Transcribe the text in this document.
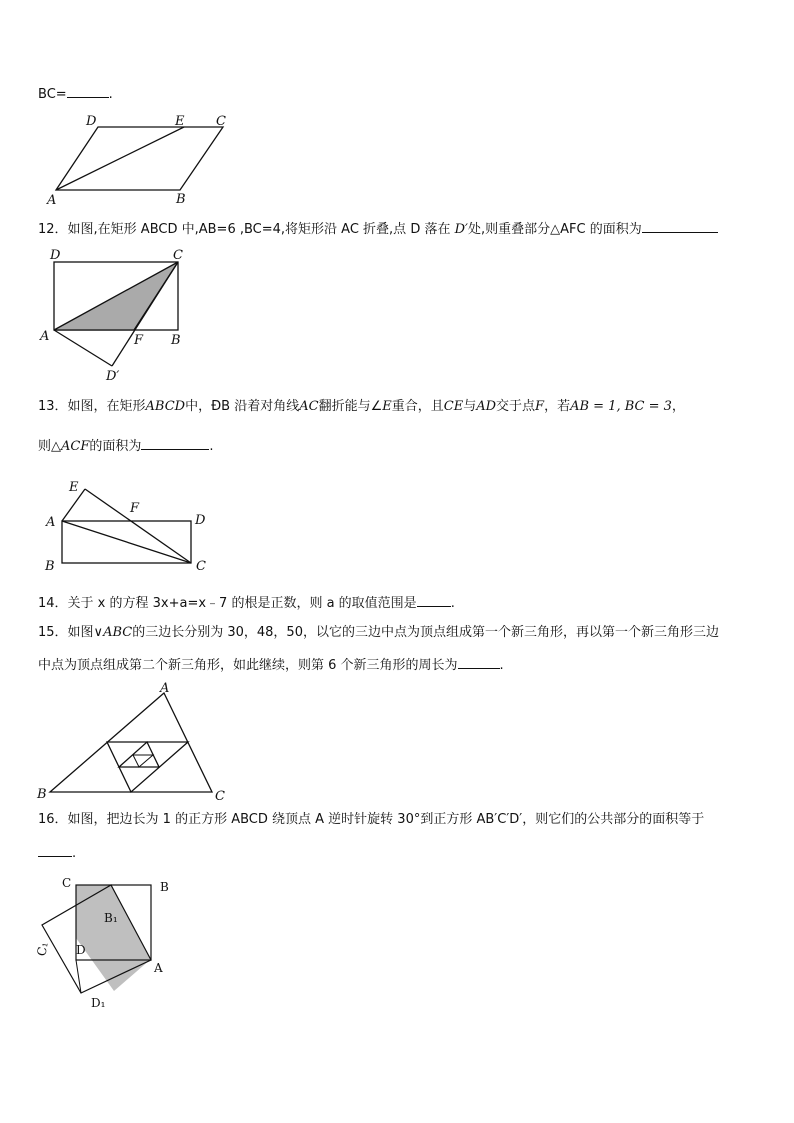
BC=	.
D	E C
A	B
12．如图,在矩形 ABCD 中,AB=6 ,BC=4,将矩形沿 AC 折叠,点 D 落在 D′处,则重叠部分△AFC 的面积为
D	C
A	F B
D′
13．如图，在矩形ABCD中，ÐB 沿着对角线AC翻折能与∠E重合，且CE与AD交于点F，若AB = 1, BC = 3，
则△ACF的面积为	.
E
F
A	D
B	C
14．关于 x 的方程 3x+a=x﹣7 的根是正数，则 a 的取值范围是	.
15．如图∨ABC的三边长分别为 30，48，50，以它的三边中点为顶点组成第一个新三角形，再以第一个新三角形三边
中点为顶点组成第二个新三角形，如此继续，则第 6 个新三角形的周长为	.
A
B	C
16．如图，把边长为 1 的正方形 ABCD 绕顶点 A 逆时针旋转 30°到正方形 AB′C′D′，则它们的公共部分的面积等于
.
C	B
B₁
C₁ D
A
D₁
